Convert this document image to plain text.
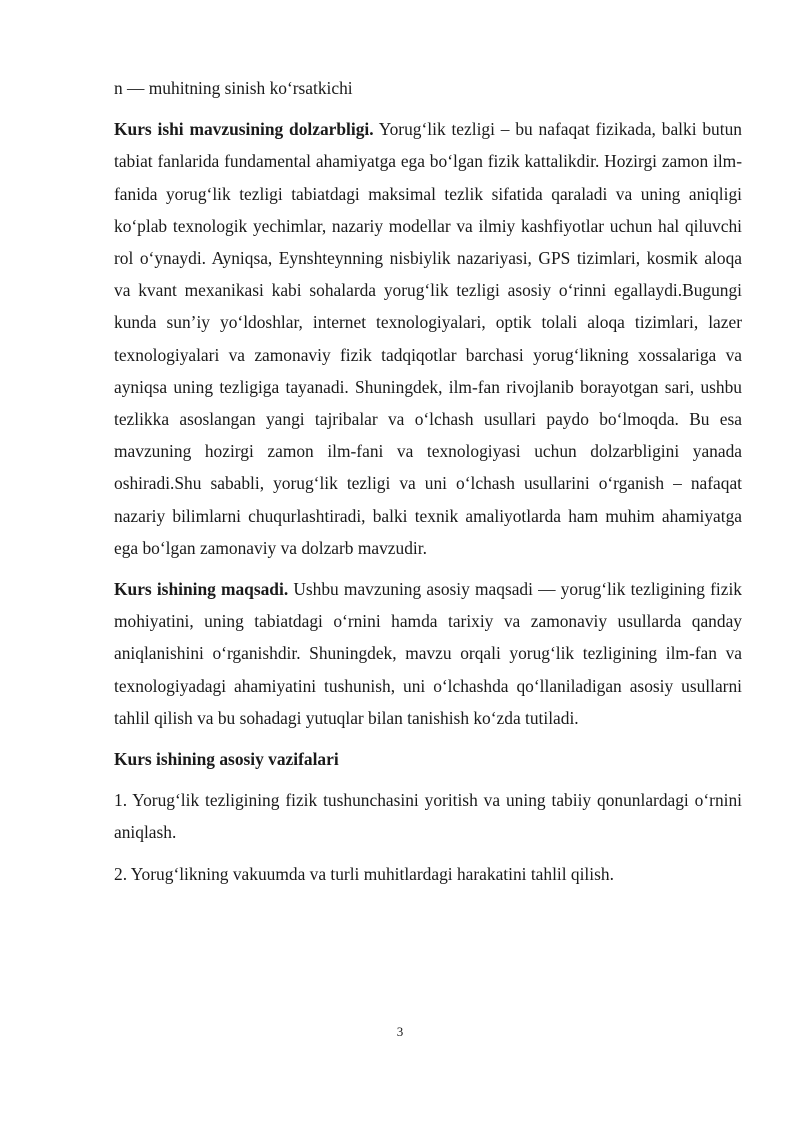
n — muhitning sinish ko‘rsatkichi

Kurs ishi mavzusining dolzarbligi. Yorug‘lik tezligi – bu nafaqat fizikada, balki butun tabiat fanlarida fundamental ahamiyatga ega bo‘lgan fizik kattalikdir. Hozirgi zamon ilm-fanida yorug‘lik tezligi tabiatdagi maksimal tezlik sifatida qaraladi va uning aniqligi ko‘plab texnologik yechimlar, nazariy modellar va ilmiy kashfiyotlar uchun hal qiluvchi rol o‘ynaydi. Ayniqsa, Eynshteynning nisbiylik nazariyasi, GPS tizimlari, kosmik aloqa va kvant mexanikasi kabi sohalarda yorug‘lik tezligi asosiy o‘rinni egallaydi.Bugungi kunda sun’iy yo‘ldoshlar, internet texnologiyalari, optik tolali aloqa tizimlari, lazer texnologiyalari va zamonaviy fizik tadqiqotlar barchasi yorug‘likning xossalariga va ayniqsa uning tezligiga tayanadi. Shuningdek, ilm-fan rivojlanib borayotgan sari, ushbu tezlikka asoslangan yangi tajribalar va o‘lchash usullari paydo bo‘lmoqda. Bu esa mavzuning hozirgi zamon ilm-fani va texnologiyasi uchun dolzarbligini yanada oshiradi.Shu sababli, yorug‘lik tezligi va uni o‘lchash usullarini o‘rganish – nafaqat nazariy bilimlarni chuqurlashtiradi, balki texnik amaliyotlarda ham muhim ahamiyatga ega bo‘lgan zamonaviy va dolzarb mavzudir.

Kurs ishining maqsadi. Ushbu mavzuning asosiy maqsadi — yorug‘lik tezligining fizik mohiyatini, uning tabiatdagi o‘rnini hamda tarixiy va zamonaviy usullarda qanday aniqlanishini o‘rganishdir. Shuningdek, mavzu orqali yorug‘lik tezligining ilm-fan va texnologiyadagi ahamiyatini tushunish, uni o‘lchashda qo‘llaniladigan asosiy usullarni tahlil qilish va bu sohadagi yutuqlar bilan tanishish ko‘zda tutiladi.

Kurs ishining asosiy vazifalari

1. Yorug‘lik tezligining fizik tushunchasini yoritish va uning tabiiy qonunlardagi o‘rnini aniqlash.

2. Yorug‘likning vakuumda va turli muhitlardagi harakatini tahlil qilish.

3
